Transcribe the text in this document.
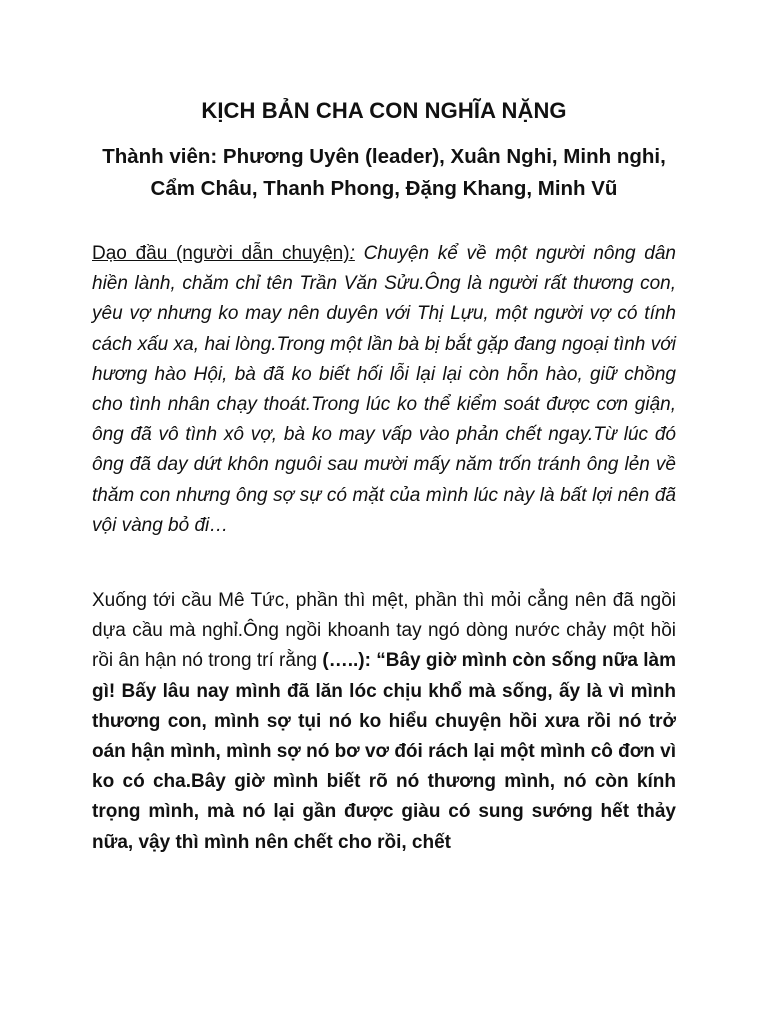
KỊCH BẢN CHA CON NGHĨA NẶNG

Thành viên: Phương Uyên (leader), Xuân Nghi, Minh nghi, Cẩm Châu, Thanh Phong, Đặng Khang, Minh Vũ

Dạo đầu (người dẫn chuyện): Chuyện kể về một người nông dân hiền lành, chăm chỉ tên Trần Văn Sửu.Ông là người rất thương con, yêu vợ nhưng ko may nên duyên với Thị Lựu, một người vợ có tính cách xấu xa, hai lòng.Trong một lần bà bị bắt gặp đang ngoại tình với hương hào Hội, bà đã ko biết hối lỗi lại lại còn hỗn hào, giữ chồng cho tình nhân chạy thoát.Trong lúc ko thể kiểm soát được cơn giận, ông đã vô tình xô vợ, bà ko may vấp vào phản chết ngay.Từ lúc đó ông đã day dứt khôn nguôi sau mười mấy năm trốn tránh ông lẻn về thăm con nhưng ông sợ sự có mặt của mình lúc này là bất lợi nên đã vội vàng bỏ đi…

Xuống tới cầu Mê Tức, phần thì mệt, phần thì mỏi cẳng nên đã ngồi dựa cầu mà nghỉ.Ông ngồi khoanh tay ngó dòng nước chảy một hồi rồi ân hận nó trong trí rằng (…..): “Bây giờ mình còn sống nữa làm gì! Bấy lâu nay mình đã lăn lóc chịu khổ mà sống, ấy là vì mình thương con, mình sợ tụi nó ko hiểu chuyện hồi xưa rồi nó trở oán hận mình, mình sợ nó bơ vơ đói rách lại một mình cô đơn vì ko có cha.Bây giờ mình biết rõ nó thương mình, nó còn kính trọng mình, mà nó lại gần được giàu có sung sướng hết thảy nữa, vậy thì mình nên chết cho rồi, chết
